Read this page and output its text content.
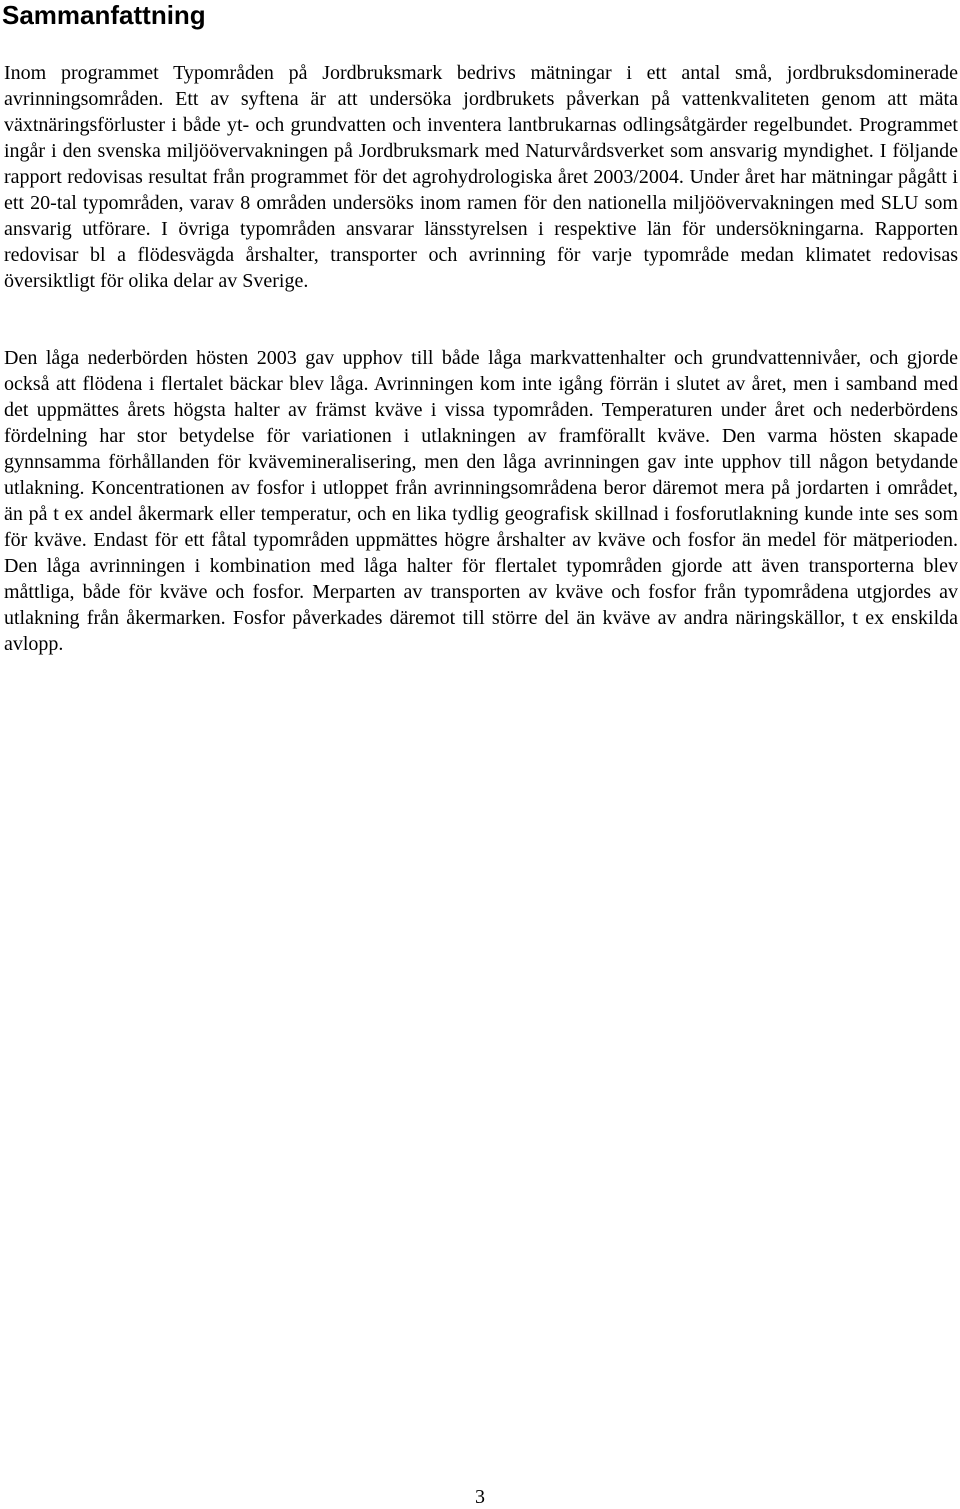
Sammanfattning

Inom programmet Typområden på Jordbruksmark bedrivs mätningar i ett antal små, jordbruksdominerade avrinningsområden. Ett av syftena är att undersöka jordbrukets påverkan på vattenkvaliteten genom att mäta växtnäringsförluster i både yt- och grundvatten och inventera lantbrukarnas odlingsåtgärder regelbundet. Programmet ingår i den svenska miljöövervakningen på Jordbruksmark med Naturvårdsverket som ansvarig myndighet. I följande rapport redovisas resultat från programmet för det agrohydrologiska året 2003/2004. Under året har mätningar pågått i ett 20-tal typområden, varav 8 områden undersöks inom ramen för den nationella miljöövervakningen med SLU som ansvarig utförare. I övriga typområden ansvarar länsstyrelsen i respektive län för undersökningarna. Rapporten redovisar bl a flödesvägda årshalter, transporter och avrinning för varje typområde medan klimatet redovisas översiktligt för olika delar av Sverige.

Den låga nederbörden hösten 2003 gav upphov till både låga markvattenhalter och grundvattennivåer, och gjorde också att flödena i flertalet bäckar blev låga. Avrinningen kom inte igång förrän i slutet av året, men i samband med det uppmättes årets högsta halter av främst kväve i vissa typområden. Temperaturen under året och nederbördens fördelning har stor betydelse för variationen i utlakningen av framförallt kväve. Den varma hösten skapade gynnsamma förhållanden för kvävemineralisering, men den låga avrinningen gav inte upphov till någon betydande utlakning. Koncentrationen av fosfor i utloppet från avrinningsområdena beror däremot mera på jordarten i området, än på t ex andel åkermark eller temperatur, och en lika tydlig geografisk skillnad i fosforutlakning kunde inte ses som för kväve. Endast för ett fåtal typområden uppmättes högre årshalter av kväve och fosfor än medel för mätperioden. Den låga avrinningen i kombination med låga halter för flertalet typområden gjorde att även transporterna blev måttliga, både för kväve och fosfor. Merparten av transporten av kväve och fosfor från typområdena utgjordes av utlakning från åkermarken. Fosfor påverkades däremot till större del än kväve av andra näringskällor, t ex enskilda avlopp.

3
